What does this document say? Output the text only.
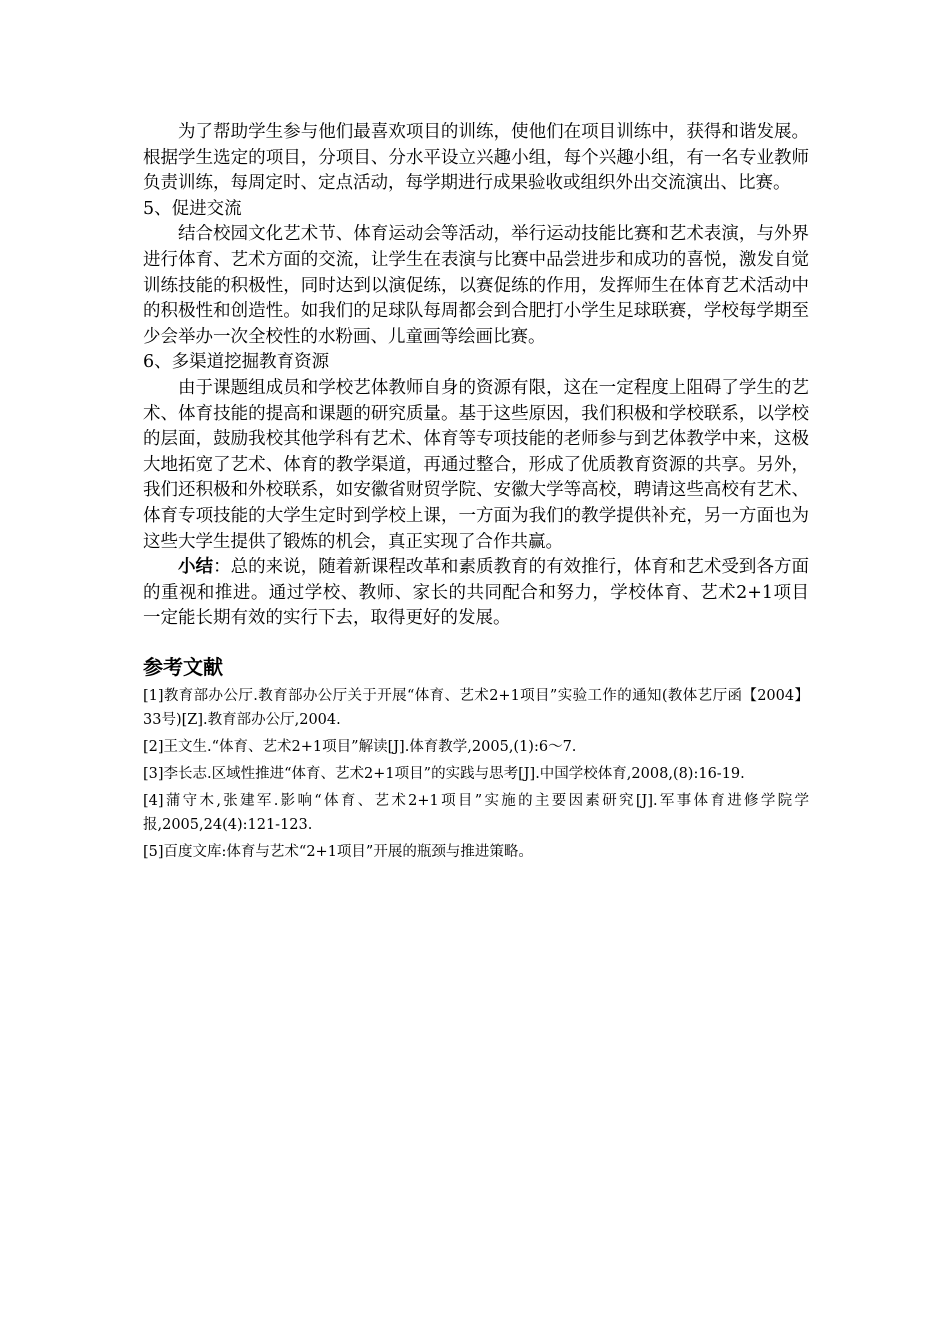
为了帮助学生参与他们最喜欢项目的训练，使他们在项目训练中，获得和谐发展。根据学生选定的项目，分项目、分水平设立兴趣小组，每个兴趣小组，有一名专业教师负责训练，每周定时、定点活动，每学期进行成果验收或组织外出交流演出、比赛。

5、促进交流

结合校园文化艺术节、体育运动会等活动，举行运动技能比赛和艺术表演，与外界进行体育、艺术方面的交流，让学生在表演与比赛中品尝进步和成功的喜悦，激发自觉训练技能的积极性，同时达到以演促练，以赛促练的作用，发挥师生在体育艺术活动中的积极性和创造性。如我们的足球队每周都会到合肥打小学生足球联赛，学校每学期至少会举办一次全校性的水粉画、儿童画等绘画比赛。

6、多渠道挖掘教育资源

由于课题组成员和学校艺体教师自身的资源有限，这在一定程度上阻碍了学生的艺术、体育技能的提高和课题的研究质量。基于这些原因，我们积极和学校联系，以学校的层面，鼓励我校其他学科有艺术、体育等专项技能的老师参与到艺体教学中来，这极大地拓宽了艺术、体育的教学渠道，再通过整合，形成了优质教育资源的共享。另外，我们还积极和外校联系，如安徽省财贸学院、安徽大学等高校，聘请这些高校有艺术、体育专项技能的大学生定时到学校上课，一方面为我们的教学提供补充，另一方面也为这些大学生提供了锻炼的机会，真正实现了合作共赢。

小结：总的来说，随着新课程改革和素质教育的有效推行，体育和艺术受到各方面的重视和推进。通过学校、教师、家长的共同配合和努力，学校体育、艺术2+1项目一定能长期有效的实行下去，取得更好的发展。

参考文献

[1]教育部办公厅.教育部办公厅关于开展“体育、艺术2+1项目”实验工作的通知(教体艺厅函【2004】33号)[Z].教育部办公厅,2004.

[2]王文生.“体育、艺术2+1项目”解读[J].体育教学,2005,(1):6～7.

[3]李长志.区域性推进“体育、艺术2+1项目”的实践与思考[J].中国学校体育,2008,(8):16-19.

[4]蒲守木,张建军.影响“体育、艺术2+1项目”实施的主要因素研究[J].军事体育进修学院学报,2005,24(4):121-123.

[5]百度文库:体育与艺术“2+1项目”开展的瓶颈与推进策略。
